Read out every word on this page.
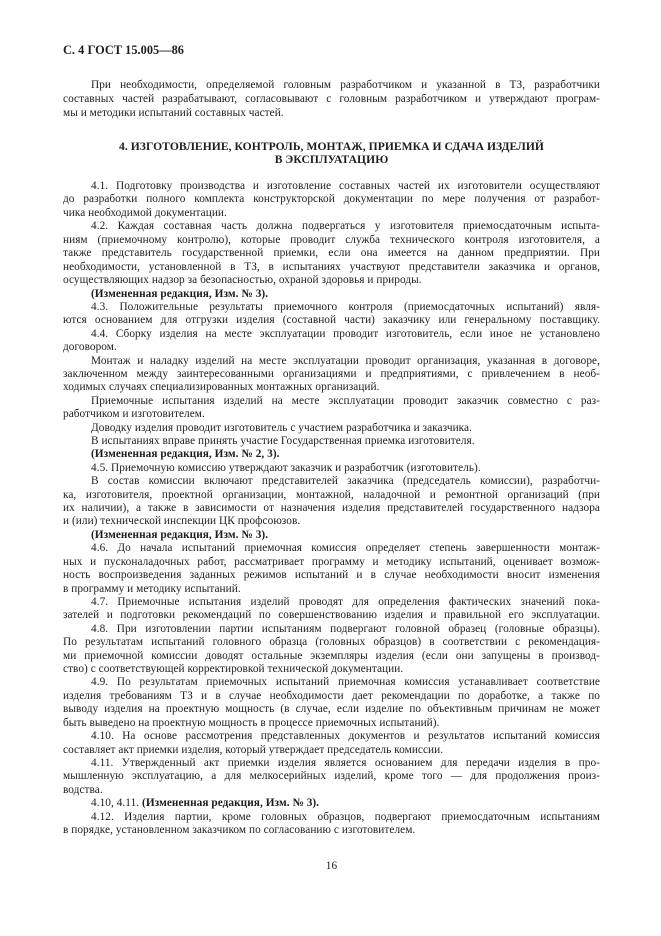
С. 4 ГОСТ 15.005—86
При необходимости, определяемой головным разработчиком и указанной в ТЗ, разработчики
составных частей разрабатывают, согласовывают с головным разработчиком и утверждают програм-
мы и методики испытаний составных частей.
4. ИЗГОТОВЛЕНИЕ, КОНТРОЛЬ, МОНТАЖ, ПРИЕМКА И СДАЧА ИЗДЕЛИЙ
В ЭКСПЛУАТАЦИЮ
4.1. Подготовку производства и изготовление составных частей их изготовители осуществляют
до разработки полного комплекта конструкторской документации по мере получения от разработ-
чика необходимой документации.
4.2. Каждая составная часть должна подвергаться у изготовителя приемосдаточным испыта-
ниям (приемочному контролю), которые проводит служба технического контроля изготовителя, а
также представитель государственной приемки, если она имеется на данном предприятии. При
необходимости, установленной в ТЗ, в испытаниях участвуют представители заказчика и органов,
осуществляющих надзор за безопасностью, охраной здоровья и природы.
(Измененная редакция, Изм. № 3).
4.3. Положительные результаты приемочного контроля (приемосдаточных испытаний) явля-
ются основанием для отгрузки изделия (составной части) заказчику или генеральному поставщику.
4.4. Сборку изделия на месте эксплуатации проводит изготовитель, если иное не установлено
договором.
Монтаж и наладку изделий на месте эксплуатации проводит организация, указанная в договоре,
заключенном между заинтересованными организациями и предприятиями, с привлечением в необ-
ходимых случаях специализированных монтажных организаций.
Приемочные испытания изделий на месте эксплуатации проводит заказчик совместно с раз-
работчиком и изготовителем.
Доводку изделия проводит изготовитель с участием разработчика и заказчика.
В испытаниях вправе принять участие Государственная приемка изготовителя.
(Измененная редакция, Изм. № 2, 3).
4.5. Приемочную комиссию утверждают заказчик и разработчик (изготовитель).
В состав комиссии включают представителей заказчика (председатель комиссии), разработчи-
ка, изготовителя, проектной организации, монтажной, наладочной и ремонтной организаций (при
их наличии), а также в зависимости от назначения изделия представителей государственного надзора
и (или) технической инспекции ЦК профсоюзов.
(Измененная редакция, Изм. № 3).
4.6. До начала испытаний приемочная комиссия определяет степень завершенности монтаж-
ных и пусконаладочных работ, рассматривает программу и методику испытаний, оценивает возмож-
ность воспроизведения заданных режимов испытаний и в случае необходимости вносит изменения
в программу и методику испытаний.
4.7. Приемочные испытания изделий проводят для определения фактических значений пока-
зателей и подготовки рекомендаций по совершенствованию изделия и правильной его эксплуатации.
4.8. При изготовлении партии испытаниям подвергают головной образец (головные образцы).
По результатам испытаний головного образца (головных образцов) в соответствии с рекомендация-
ми приемочной комиссии доводят остальные экземпляры изделия (если они запущены в производ-
ство) с соответствующей корректировкой технической документации.
4.9. По результатам приемочных испытаний приемочная комиссия устанавливает соответствие
изделия требованиям ТЗ и в случае необходимости дает рекомендации по доработке, а также по
выводу изделия на проектную мощность (в случае, если изделие по объективным причинам не может
быть выведено на проектную мощность в процессе приемочных испытаний).
4.10. На основе рассмотрения представленных документов и результатов испытаний комиссия
составляет акт приемки изделия, который утверждает председатель комиссии.
4.11. Утвержденный акт приемки изделия является основанием для передачи изделия в про-
мышленную эксплуатацию, а для мелкосерийных изделий, кроме того — для продолжения произ-
водства.
4.10, 4.11. (Измененная редакция, Изм. № 3).
4.12. Изделия партии, кроме головных образцов, подвергают приемосдаточным испытаниям
в порядке, установленном заказчиком по согласованию с изготовителем.
16
